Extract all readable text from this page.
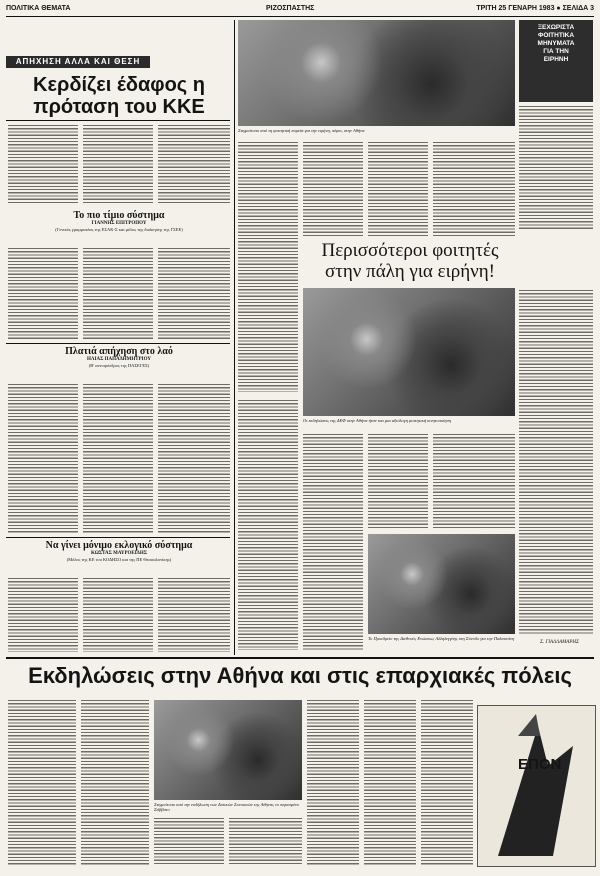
ΠΟΛΙΤΙΚΑ ΘΕΜΑΤΑ	ΡΙΖΟΣΠΑΣΤΗΣ	ΤΡΙΤΗ 25 ΓΕΝΑΡΗ 1983 ● ΣΕΛΙΔΑ 3
ΑΠΗΧΗΣΗ ΑΛΛΑ ΚΑΙ ΘΕΣΗ
Κερδίζει έδαφος η
πρόταση του ΚΚΕ
Το πιο τίμιο σύστημα
ΓΙΑΝΝΗΣ ΕΠΙΤΡΟΠΟΥ
(Γενικός γραμματέας της ΕΣΑΚ-Σ και μέλος της διοίκησης της ΓΣΕΕ)
Πλατιά απήχηση στο λαό
ΗΛΙΑΣ ΠΑΠΑΔΗΜΗΤΡΙΟΥ
(Β' αντιπρόεδρος της ΠΑΣΕΓΕΣ)
Να γίνει μόνιμο εκλογικό σύστημα
ΚΩΣΤΑΣ ΜΑΥΡΟΕΙΔΗΣ
(Μέλος της ΚΕ του ΚΟΔΗΣΟ και της ΠΕ Θεσσαλονίκης)
Στιγμιότυπο από τη φοιτητική πορεία για την ειρήνη, πέρσι, στην Αθήνα
Περισσότεροι φοιτητές
στην πάλη για ειρήνη!
Οι εκδηλώσεις της ΔΕΦ στην Αθήνα ήταν και μια αξιόλογη φοιτητική κινητοποίηση
Το Προεδρείο της Διεθνούς Ενώσεως Αλληλεγγύης στη Σύνοδο για την Παλαιστίνη
ΞΕΧΩΡΙΣΤΑ
ΦΟΙΤΗΤΙΚΑ
ΜΗΝΥΜΑΤΑ
ΓΙΑ ΤΗΝ
ΕΙΡΗΝΗ
Σ. ΓΙΑΛΛΑΜΑΡΗΣ
Εκδηλώσεις στην Αθήνα και στις επαρχιακές πόλεις
Στιγμιότυπο από την εκδήλωση των Δυτικών Συνοικιών της Αθήνας το περασμένο Σάββατο
ΕΠΟΝ
